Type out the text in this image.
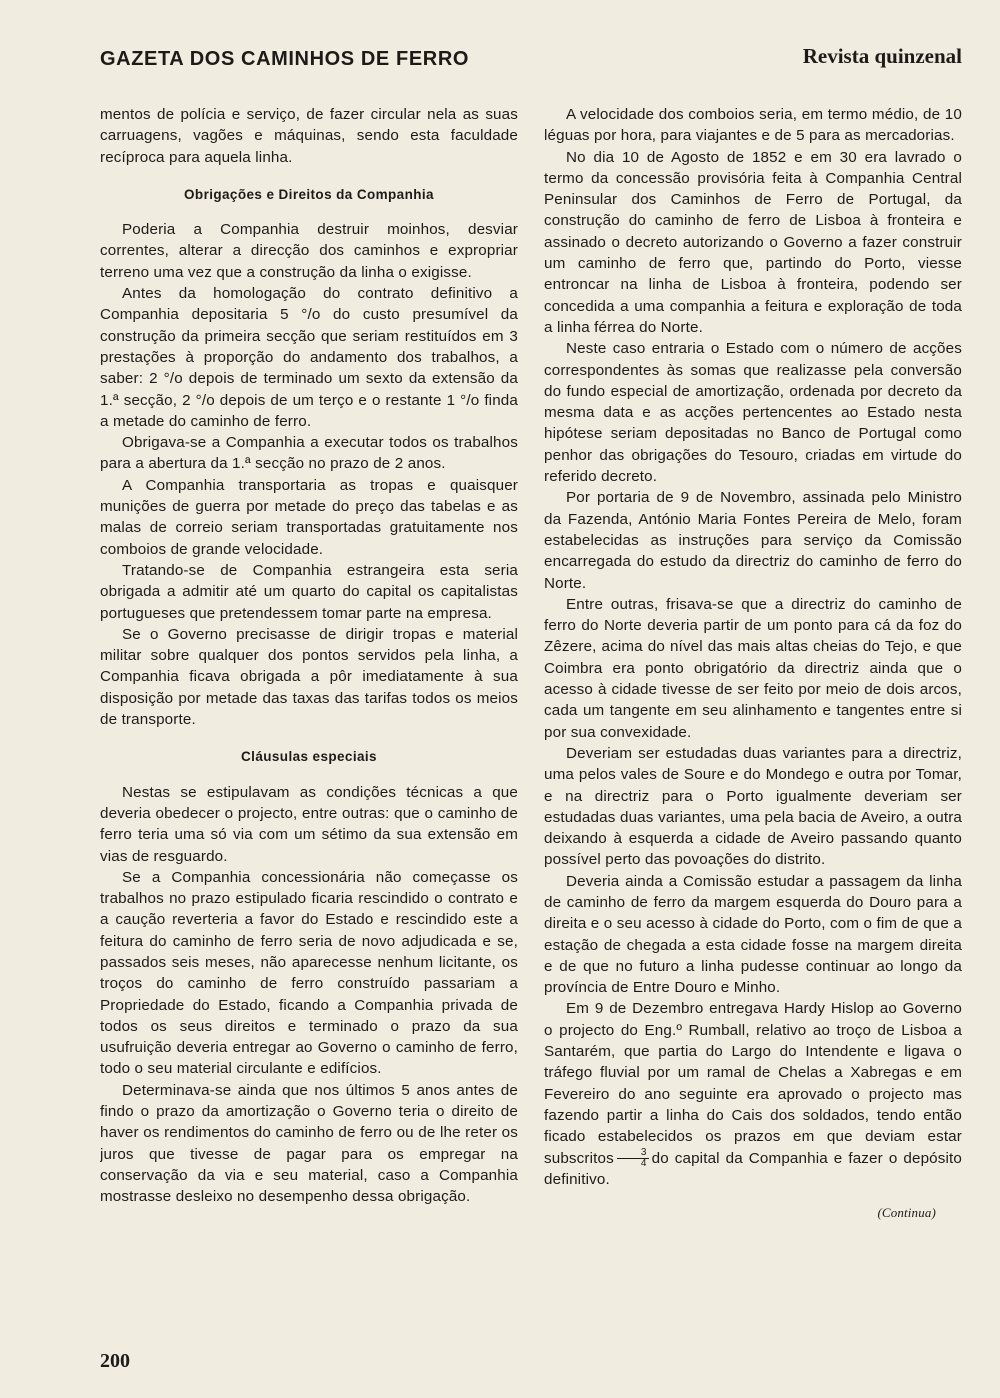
GAZETA DOS CAMINHOS DE FERRO	Revista quinzenal

mentos de polícia e serviço, de fazer circular nela as suas carruagens, vagões e máquinas, sendo esta faculdade recíproca para aquela linha.

Obrigações e Direitos da Companhia

Poderia a Companhia destruir moinhos, desviar correntes, alterar a direcção dos caminhos e expropriar terreno uma vez que a construção da linha o exigisse.

Antes da homologação do contrato definitivo a Companhia depositaria 5 °/o do custo presumível da construção da primeira secção que seriam restituídos em 3 prestações à proporção do andamento dos trabalhos, a saber: 2 °/o depois de terminado um sexto da extensão da 1.ª secção, 2 °/o depois de um terço e o restante 1 °/o finda a metade do caminho de ferro.

Obrigava-se a Companhia a executar todos os trabalhos para a abertura da 1.ª secção no prazo de 2 anos.

A Companhia transportaria as tropas e quaisquer munições de guerra por metade do preço das tabelas e as malas de correio seriam transportadas gratuitamente nos comboios de grande velocidade.

Tratando-se de Companhia estrangeira esta seria obrigada a admitir até um quarto do capital os capitalistas portugueses que pretendessem tomar parte na empresa.

Se o Governo precisasse de dirigir tropas e material militar sobre qualquer dos pontos servidos pela linha, a Companhia ficava obrigada a pôr imediatamente à sua disposição por metade das taxas das tarifas todos os meios de transporte.

Cláusulas especiais

Nestas se estipulavam as condições técnicas a que deveria obedecer o projecto, entre outras: que o caminho de ferro teria uma só via com um sétimo da sua extensão em vias de resguardo.

Se a Companhia concessionária não começasse os trabalhos no prazo estipulado ficaria rescindido o contrato e a caução reverteria a favor do Estado e rescindido este a feitura do caminho de ferro seria de novo adjudicada e se, passados seis meses, não aparecesse nenhum licitante, os troços do caminho de ferro construído passariam a Propriedade do Estado, ficando a Companhia privada de todos os seus direitos e terminado o prazo da sua usufruição deveria entregar ao Governo o caminho de ferro, todo o seu material circulante e edifícios.

Determinava-se ainda que nos últimos 5 anos antes de findo o prazo da amortização o Governo teria o direito de haver os rendimentos do caminho de ferro ou de lhe reter os juros que tivesse de pagar para os empregar na conservação da via e seu material, caso a Companhia mostrasse desleixo no desempenho dessa obrigação.

A velocidade dos comboios seria, em termo médio, de 10 léguas por hora, para viajantes e de 5 para as mercadorias.

No dia 10 de Agosto de 1852 e em 30 era lavrado o termo da concessão provisória feita à Companhia Central Peninsular dos Caminhos de Ferro de Portugal, da construção do caminho de ferro de Lisboa à fronteira e assinado o decreto autorizando o Governo a fazer construir um caminho de ferro que, partindo do Porto, viesse entroncar na linha de Lisboa à fronteira, podendo ser concedida a uma companhia a feitura e exploração de toda a linha férrea do Norte.

Neste caso entraria o Estado com o número de acções correspondentes às somas que realizasse pela conversão do fundo especial de amortização, ordenada por decreto da mesma data e as acções pertencentes ao Estado nesta hipótese seriam depositadas no Banco de Portugal como penhor das obrigações do Tesouro, criadas em virtude do referido decreto.

Por portaria de 9 de Novembro, assinada pelo Ministro da Fazenda, António Maria Fontes Pereira de Melo, foram estabelecidas as instruções para serviço da Comissão encarregada do estudo da directriz do caminho de ferro do Norte.

Entre outras, frisava-se que a directriz do caminho de ferro do Norte deveria partir de um ponto para cá da foz do Zêzere, acima do nível das mais altas cheias do Tejo, e que Coimbra era ponto obrigatório da directriz ainda que o acesso à cidade tivesse de ser feito por meio de dois arcos, cada um tangente em seu alinhamento e tangentes entre si por sua convexidade.

Deveriam ser estudadas duas variantes para a directriz, uma pelos vales de Soure e do Mondego e outra por Tomar, e na directriz para o Porto igualmente deveriam ser estudadas duas variantes, uma pela bacia de Aveiro, a outra deixando à esquerda a cidade de Aveiro passando quanto possível perto das povoações do distrito.

Deveria ainda a Comissão estudar a passagem da linha de caminho de ferro da margem esquerda do Douro para a direita e o seu acesso à cidade do Porto, com o fim de que a estação de chegada a esta cidade fosse na margem direita e de que no futuro a linha pudesse continuar ao longo da província de Entre Douro e Minho.

Em 9 de Dezembro entregava Hardy Hislop ao Governo o projecto do Eng.º Rumball, relativo ao troço de Lisboa a Santarém, que partia do Largo do Intendente e ligava o tráfego fluvial por um ramal de Chelas a Xabregas e em Fevereiro do ano seguinte era aprovado o projecto mas fazendo partir a linha do Cais dos soldados, tendo então ficado estabelecidos os prazos em que deviam estar subscritos $\frac{3}{4}$ do capital da Companhia e fazer o depósito definitivo.

(Continua)
200
